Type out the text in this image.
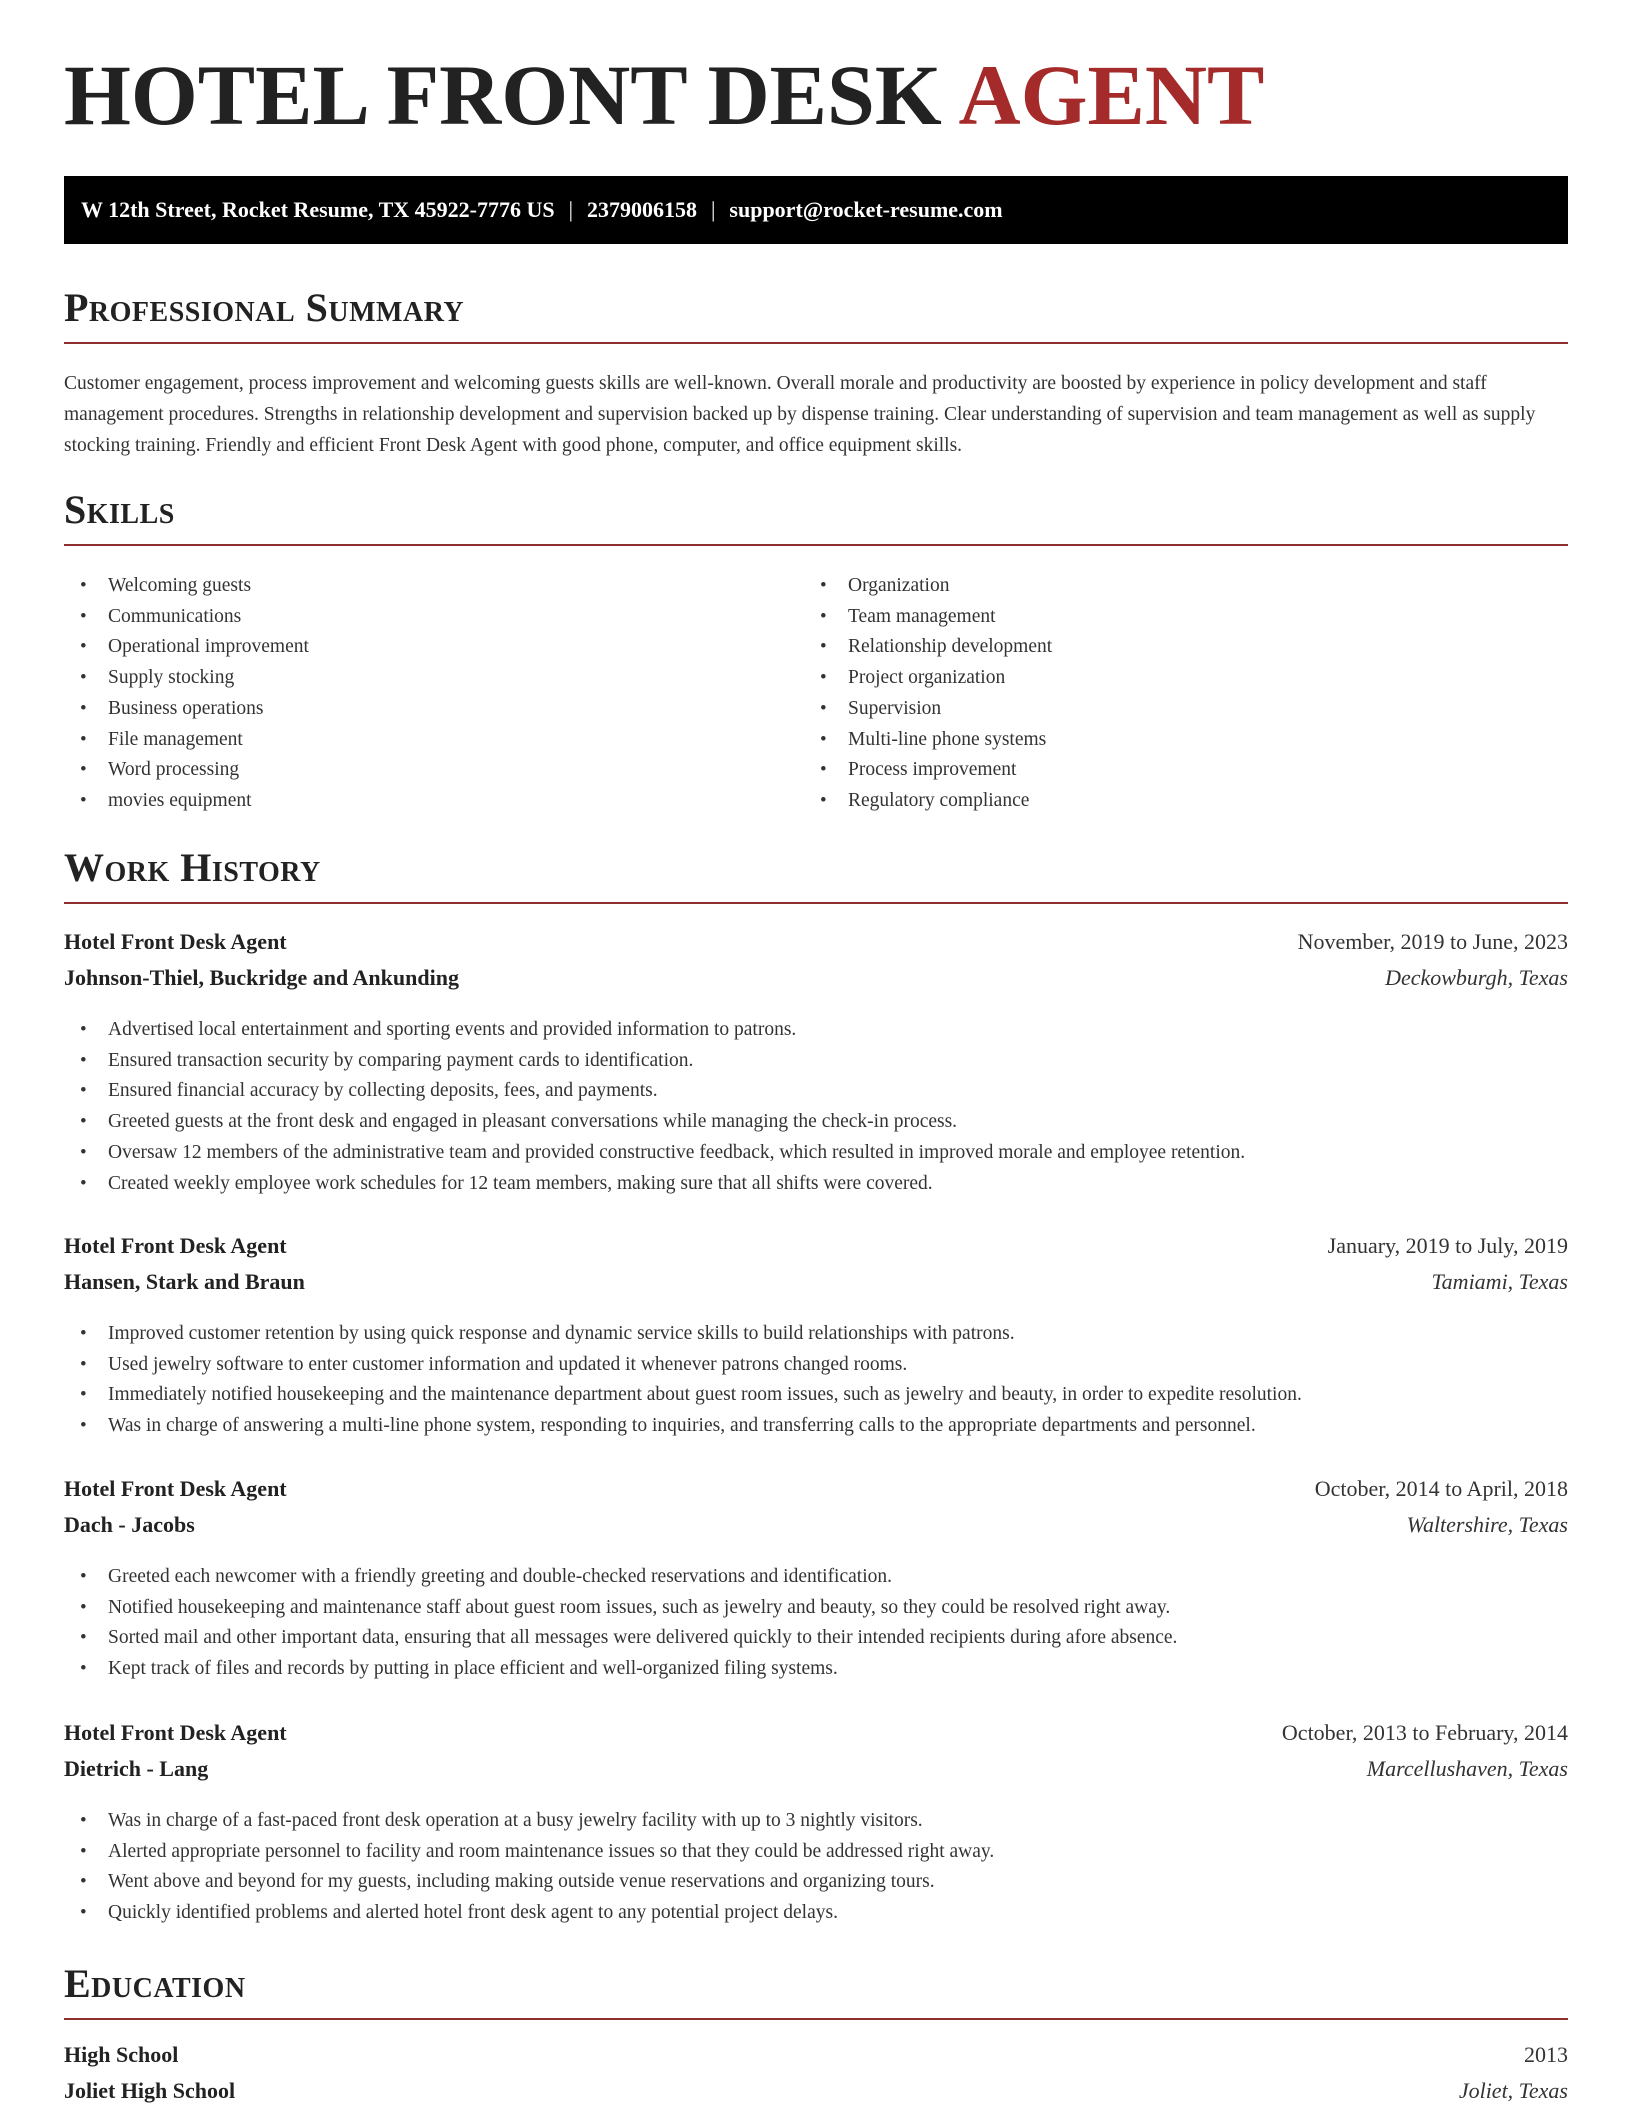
HOTEL FRONT DESK AGENT
W 12th Street, Rocket Resume, TX 45922-7776 US | 2379006158 | support@rocket-resume.com
Professional Summary

Customer engagement, process improvement and welcoming guests skills are well-known. Overall morale and productivity are boosted by experience in policy development and staff management procedures. Strengths in relationship development and supervision backed up by dispense training. Clear understanding of supervision and team management as well as supply stocking training. Friendly and efficient Front Desk Agent with good phone, computer, and office equipment skills.

Skills
• Welcoming guests
• Communications
• Operational improvement
• Supply stocking
• Business operations
• File management
• Word processing
• movies equipment
• Organization
• Team management
• Relationship development
• Project organization
• Supervision
• Multi-line phone systems
• Process improvement
• Regulatory compliance
Work History
Hotel Front Desk Agent	November, 2019 to June, 2023
Johnson-Thiel, Buckridge and Ankunding	Deckowburgh, Texas
• Advertised local entertainment and sporting events and provided information to patrons.
• Ensured transaction security by comparing payment cards to identification.
• Ensured financial accuracy by collecting deposits, fees, and payments.
• Greeted guests at the front desk and engaged in pleasant conversations while managing the check-in process.
• Oversaw 12 members of the administrative team and provided constructive feedback, which resulted in improved morale and employee retention.
• Created weekly employee work schedules for 12 team members, making sure that all shifts were covered.
Hotel Front Desk Agent	January, 2019 to July, 2019
Hansen, Stark and Braun	Tamiami, Texas
• Improved customer retention by using quick response and dynamic service skills to build relationships with patrons.
• Used jewelry software to enter customer information and updated it whenever patrons changed rooms.
• Immediately notified housekeeping and the maintenance department about guest room issues, such as jewelry and beauty, in order to expedite resolution.
• Was in charge of answering a multi-line phone system, responding to inquiries, and transferring calls to the appropriate departments and personnel.
Hotel Front Desk Agent	October, 2014 to April, 2018
Dach - Jacobs	Waltershire, Texas
• Greeted each newcomer with a friendly greeting and double-checked reservations and identification.
• Notified housekeeping and maintenance staff about guest room issues, such as jewelry and beauty, so they could be resolved right away.
• Sorted mail and other important data, ensuring that all messages were delivered quickly to their intended recipients during afore absence.
• Kept track of files and records by putting in place efficient and well-organized filing systems.
Hotel Front Desk Agent	October, 2013 to February, 2014
Dietrich - Lang	Marcellushaven, Texas
• Was in charge of a fast-paced front desk operation at a busy jewelry facility with up to 3 nightly visitors.
• Alerted appropriate personnel to facility and room maintenance issues so that they could be addressed right away.
• Went above and beyond for my guests, including making outside venue reservations and organizing tours.
• Quickly identified problems and alerted hotel front desk agent to any potential project delays.
Education
High School	2013
Joliet High School	Joliet, Texas
